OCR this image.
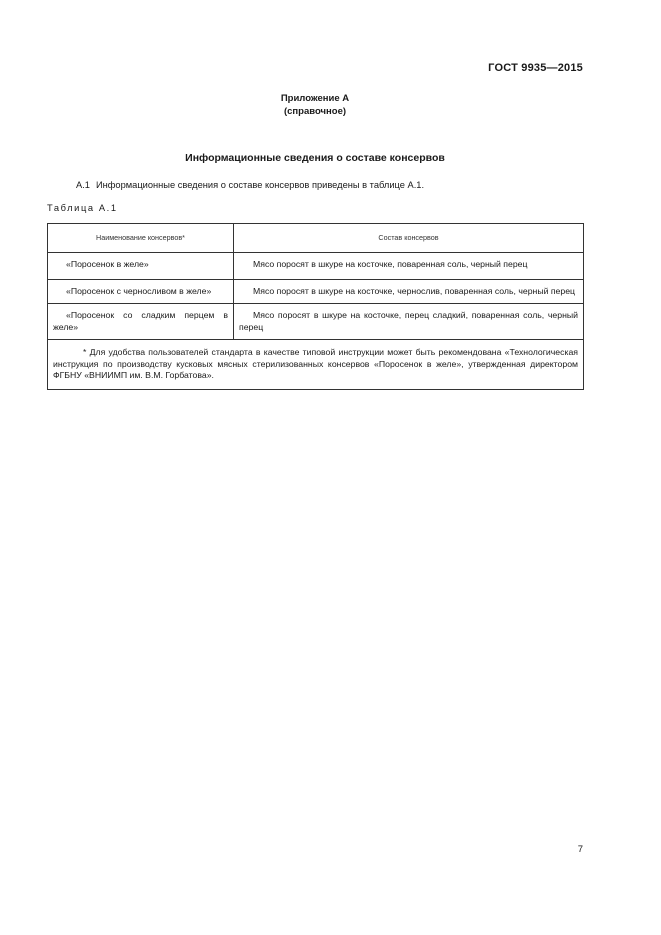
ГОСТ 9935—2015
Приложение А
(справочное)
Информационные сведения о составе консервов
А.1 Информационные сведения о составе консервов приведены в таблице А.1.
Таблица А.1
Наименование консервов*	Состав консервов
«Поросенок в желе»	Мясо поросят в шкуре на косточке, поваренная соль, черный перец
«Поросенок с черносливом в желе»	Мясо поросят в шкуре на косточке, чернослив, поваренная соль, черный перец
«Поросенок со сладким перцем в желе»	Мясо поросят в шкуре на косточке, перец сладкий, поваренная соль, черный перец
* Для удобства пользователей стандарта в качестве типовой инструкции может быть рекомендована «Технологическая инструкция по производству кусковых мясных стерилизованных консервов «Поросенок в желе», утвержденная директором ФГБНУ «ВНИИМП им. В.М. Горбатова».	
7
